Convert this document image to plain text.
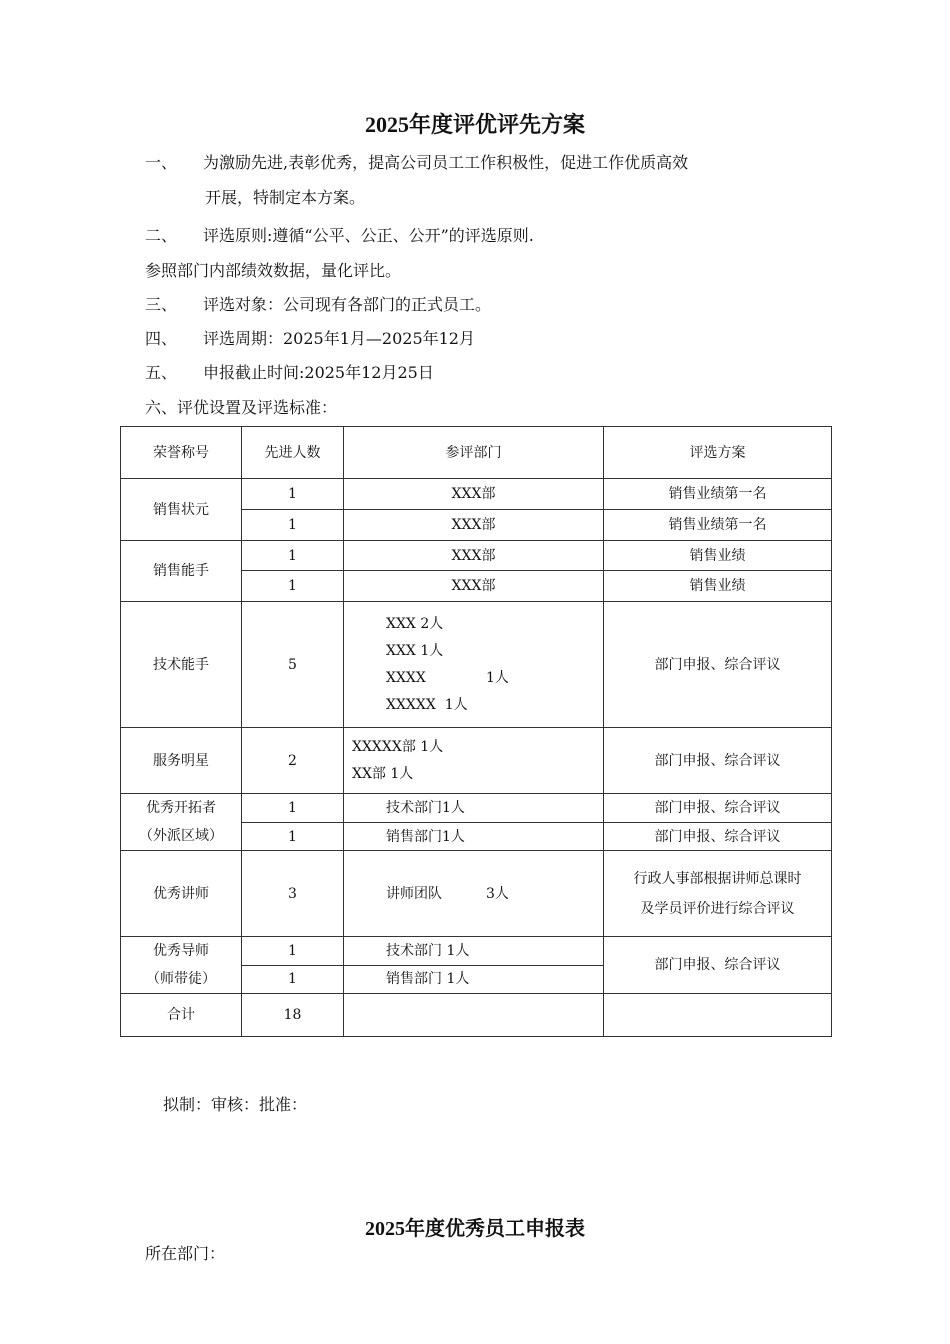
2025年度评优评先方案
一、 为激励先进,表彰优秀，提高公司员工工作积极性，促进工作优质高效
开展，特制定本方案。
二、 评选原则:遵循“公平、公正、公开”的评选原则.
参照部门内部绩效数据，量化评比。
三、 评选对象：公司现有各部门的正式员工。
四、 评选周期：2025年1月—2025年12月
五、 申报截止时间:2025年12月25日
六、评优设置及评选标准：
荣誉称号	先进人数	参评部门	评选方案
销售状元	1	XXX部	销售业绩第一名
	1	XXX部	销售业绩第一名
销售能手	1	XXX部	销售业绩
	1	XXX部	销售业绩
技术能手	5	XXX 2人
XXX 1人
XXXX 1人
XXXXX  1人	部门申报、综合评议
服务明星	2	XXXXX部 1人
XX部 1人	部门申报、综合评议

优秀开拓者
（外派区域）	1	技术部门1人	部门申报、综合评议
	1	销售部门1人	部门申报、综合评议
优秀讲师	3	讲师团队 3人	行政人事部根据讲师总课时
及学员评价进行综合评议

优秀导师
（师带徒）	1	技术部门 1人	部门申报、综合评议
	1	销售部门 1人	
合计	18		
拟制：审核：批准：
2025年度优秀员工申报表
所在部门：
